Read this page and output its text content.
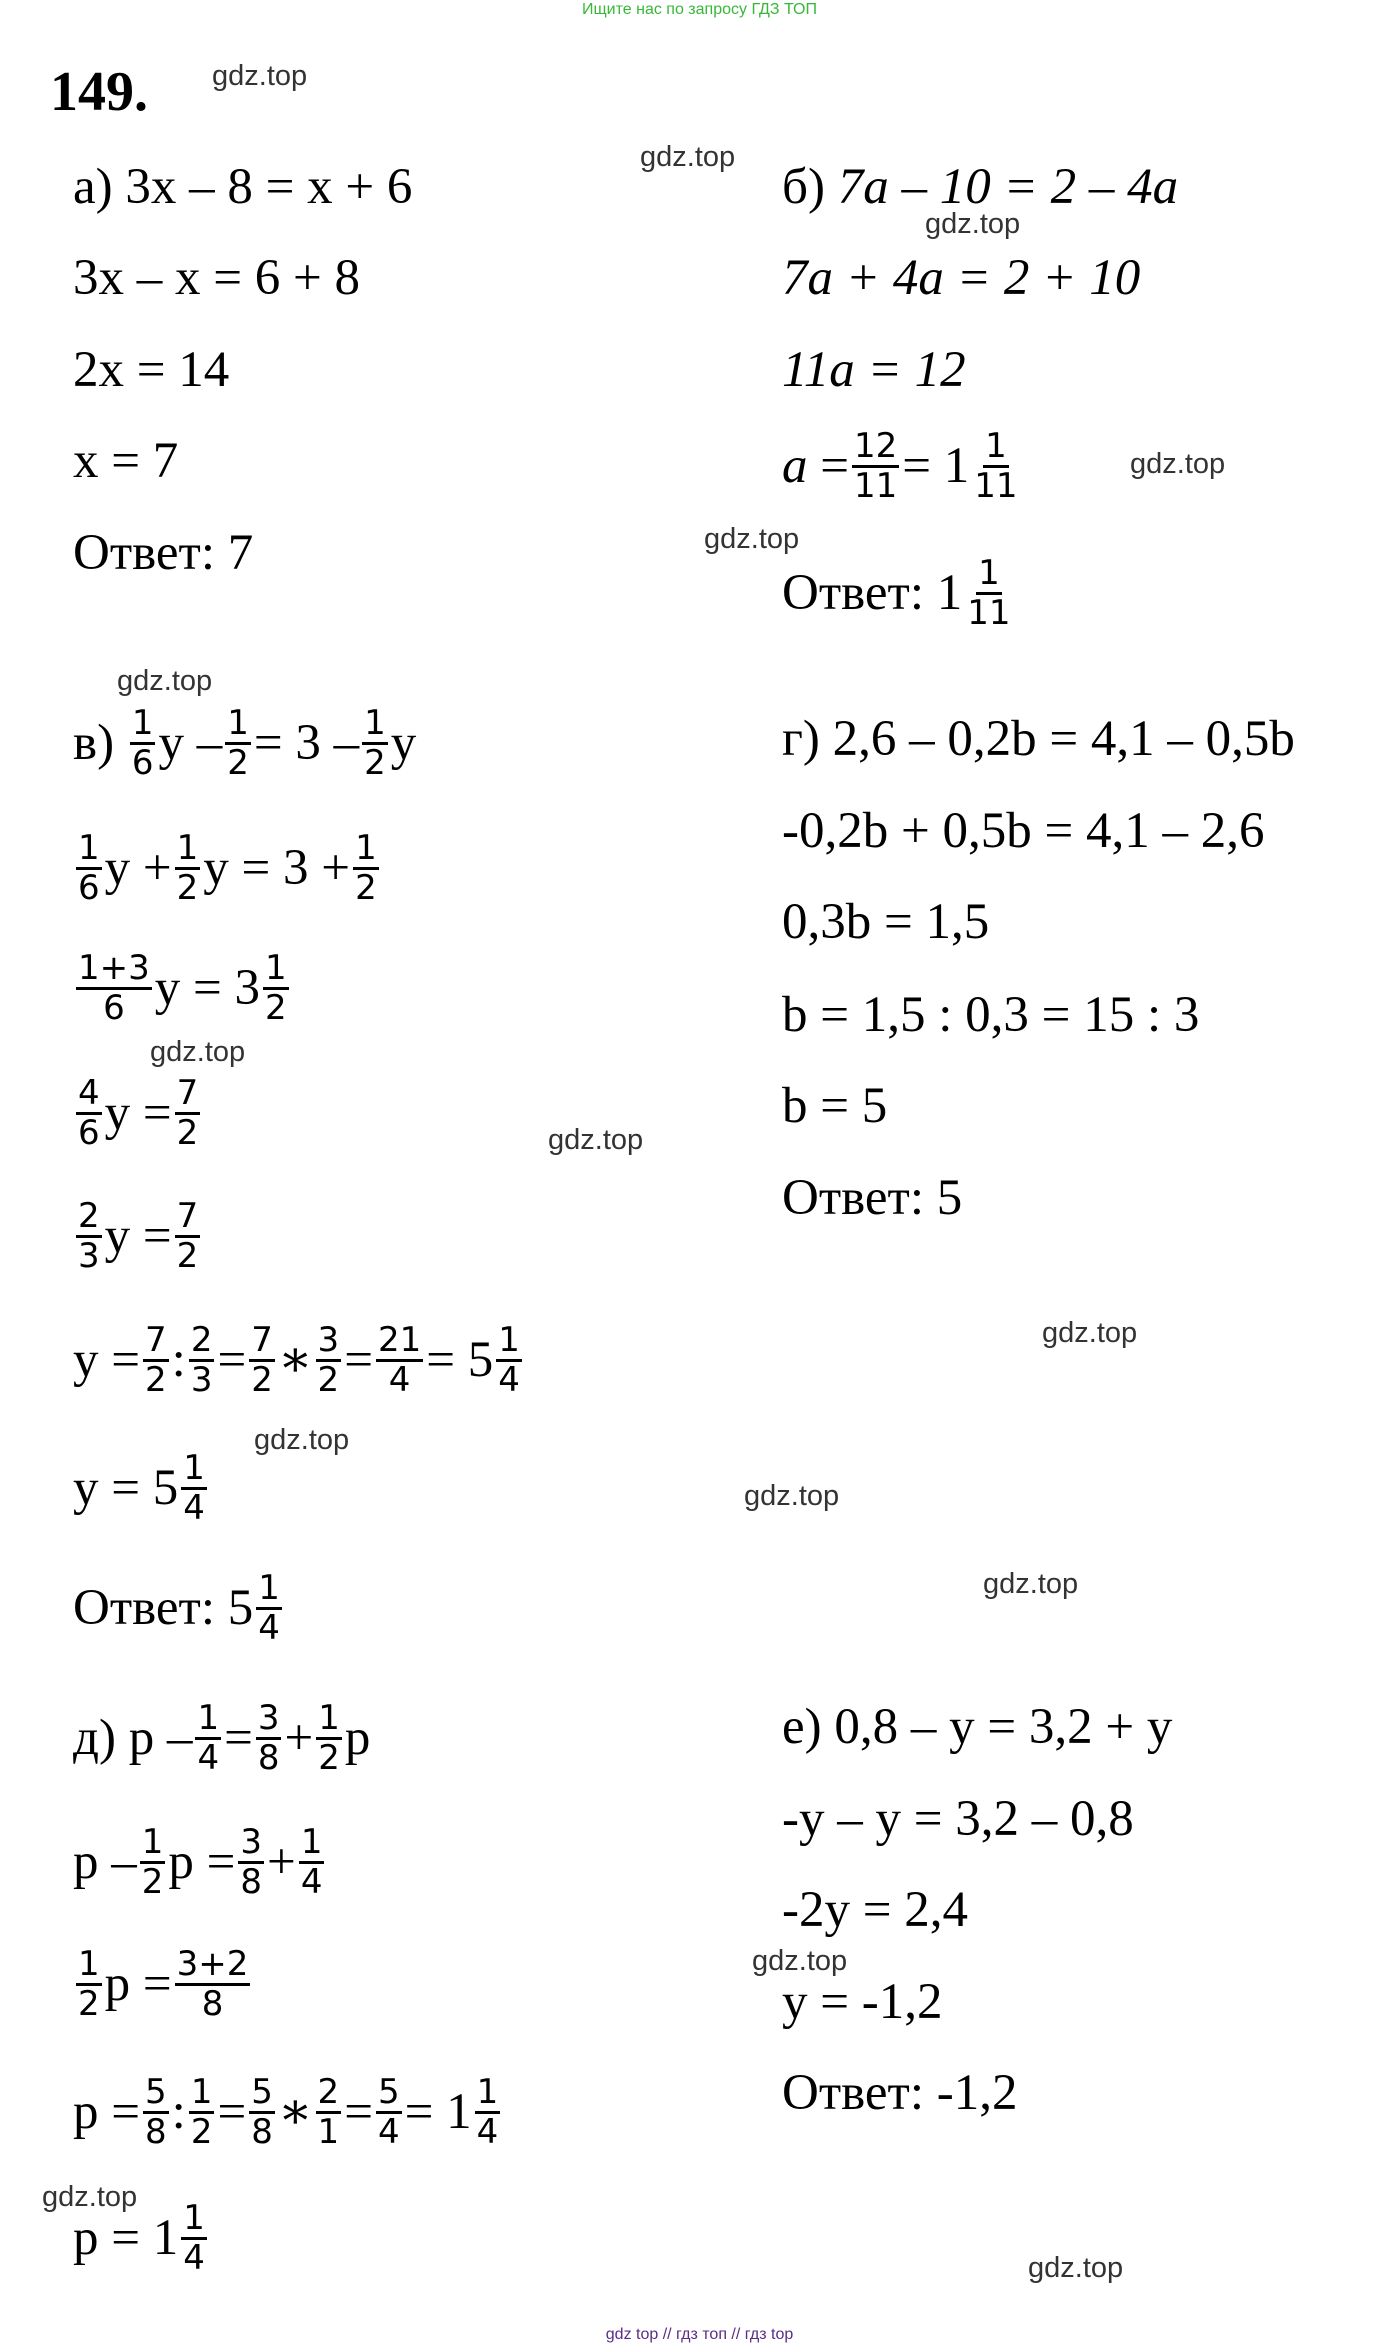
Ищите нас по запросу ГДЗ ТОП
149. gdz.top
gdz.top
gdz.top
gdz.top
gdz.top
gdz.top
gdz.top
gdz.top
gdz.top
gdz.top
gdz.top
gdz.top
gdz.top
gdz.top
gdz.top
а) 3x – 8 = x + 6
3x – x = 6 + 8
2x = 14
x = 7
Ответ: 7
б) 7a – 10 = 2 – 4a
7a + 4a = 2 + 10
11a = 12
a
= $\frac{12}{11} = 1$ 1
11
Ответ: 1 1
11
в)
1
6 $y - \frac{1}{2} = 3 - 1$
2 y
1
6 $y + \frac{1}{2}$ $y = 3 + \frac{1}{2}$
1+3
6 y = 3 1
2
4
6 $y = \frac{7}{2}$
2
3 $y = \frac{7}{2}$
$y = \frac{7}{2}$ : $\frac{2}{3} = \frac{7}{2}$ ∗ $\frac{3}{2} = \frac{21}{4} = 5$ 1
4
y = 5 1
4
Ответ: 5 1
4
г) 2,6 – 0,2b = 4,1 – 0,5b
-0,2b + 0,5b = 4,1 – 2,6
0,3b = 1,5
b = 1,5 : 0,3 = 15 : 3
b = 5
Ответ: 5
д)
$p - \frac{1}{4} = \frac{3}{8} + \frac{1}{2}$ p
p – 1
2 $p = \frac{3}{8} + \frac{1}{4}$
1
2 $p = \frac{3+2}{8}$
$p = \frac{5}{8}$ : $\frac{1}{2} = \frac{5}{8}$ ∗ $\frac{2}{1} = \frac{5}{4} = 1$ 1
4
p = 1 1
4
е) 0,8 – y = 3,2 + y
-y – y = 3,2 – 0,8
-2y = 2,4
y = -1,2
Ответ: -1,2
gdz top // гдз топ // гдз top
